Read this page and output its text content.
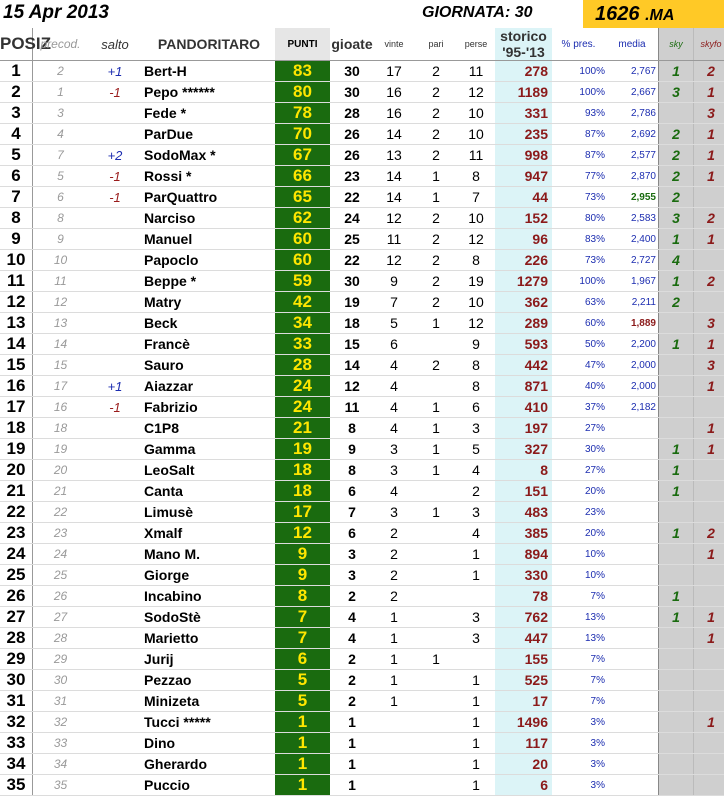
15 Apr 2013	GIORNATA: 30	1626 .MA
POSIZ	precod.	salto	PANDORITARO	PUNTI	gioate	vinte	pari	perse	storico '95-'13	% pres.	media	sky	skyfo
1	2	+1	Bert-H	83	30	17	2	11	278	100%	2,767	1	2
2	1	-1	Pepo ******	80	30	16	2	12	1189	100%	2,667	3	1
3	3		Fede *	78	28	16	2	10	331	93%	2,786		3
4	4		ParDue	70	26	14	2	10	235	87%	2,692	2	1
5	7	+2	SodoMax *	67	26	13	2	11	998	87%	2,577	2	1
6	5	-1	Rossi *	66	23	14	1	8	947	77%	2,870	2	1
7	6	-1	ParQuattro	65	22	14	1	7	44	73%	2,955	2	
8	8		Narciso	62	24	12	2	10	152	80%	2,583	3	2
9	9		Manuel	60	25	11	2	12	96	83%	2,400	1	1
10	10		Papoclo	60	22	12	2	8	226	73%	2,727	4	
11	11		Beppe *	59	30	9	2	19	1279	100%	1,967	1	2
12	12		Matry	42	19	7	2	10	362	63%	2,211	2	
13	13		Beck	34	18	5	1	12	289	60%	1,889		3
14	14		Francè	33	15	6		9	593	50%	2,200	1	1
15	15		Sauro	28	14	4	2	8	442	47%	2,000		3
16	17	+1	Aiazzar	24	12	4		8	871	40%	2,000		1
17	16	-1	Fabrizio	24	11	4	1	6	410	37%	2,182		
18	18		C1P8	21	8	4	1	3	197	27%			1
19	19		Gamma	19	9	3	1	5	327	30%		1	1
20	20		LeoSalt	18	8	3	1	4	8	27%		1	
21	21		Canta	18	6	4		2	151	20%		1	
22	22		Limusè	17	7	3	1	3	483	23%			
23	23		Xmalf	12	6	2		4	385	20%		1	2
24	24		Mano M.	9	3	2		1	894	10%			1
25	25		Giorge	9	3	2		1	330	10%			
26	26		Incabino	8	2	2			78	7%		1	
27	27		SodoStè	7	4	1		3	762	13%		1	1
28	28		Marietto	7	4	1		3	447	13%			1
29	29		Jurij	6	2	1	1		155	7%			
30	30		Pezzao	5	2	1		1	525	7%			
31	31		Minizeta	5	2	1		1	17	7%			
32	32		Tucci *****	1	1			1	1496	3%			1
33	33		Dino	1	1			1	117	3%			
34	34		Gherardo	1	1			1	20	3%			
35	35		Puccio	1	1			1	6	3%			
